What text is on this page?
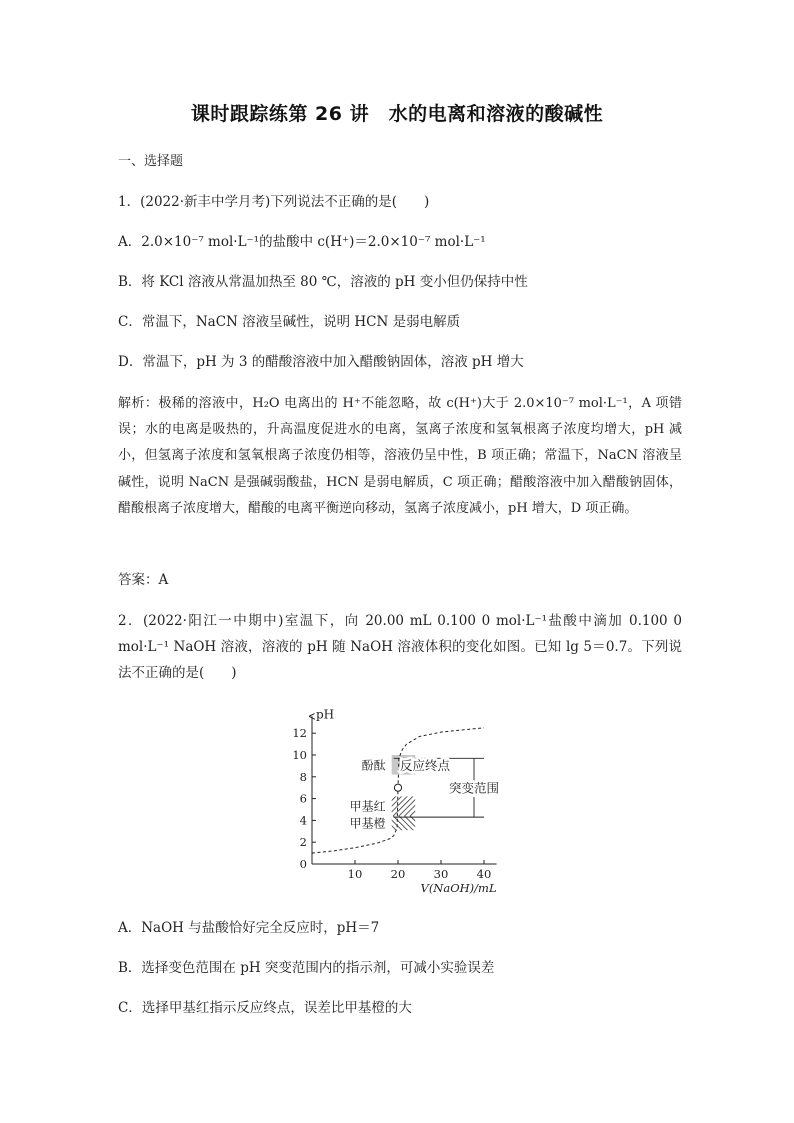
课时跟踪练第 26 讲　水的电离和溶液的酸碱性
一、选择题
1．(2022·新丰中学月考)下列说法不正确的是(　　)
A．2.0×10⁻⁷ mol·L⁻¹的盐酸中 c(H⁺)＝2.0×10⁻⁷ mol·L⁻¹
B．将 KCl 溶液从常温加热至 80 ℃，溶液的 pH 变小但仍保持中性
C．常温下，NaCN 溶液呈碱性，说明 HCN 是弱电解质
D．常温下，pH 为 3 的醋酸溶液中加入醋酸钠固体，溶液 pH 增大
解析：极稀的溶液中，H₂O 电离出的 H⁺不能忽略，故 c(H⁺)大于 2.0×10⁻⁷ mol·L⁻¹，A 项错误；水的电离是吸热的，升高温度促进水的电离，氢离子浓度和氢氧根离子浓度均增大，pH 减小，但氢离子浓度和氢氧根离子浓度仍相等，溶液仍呈中性，B 项正确；常温下，NaCN 溶液呈碱性，说明 NaCN 是强碱弱酸盐，HCN 是弱电解质，C 项正确；醋酸溶液中加入醋酸钠固体，醋酸根离子浓度增大，醋酸的电离平衡逆向移动，氢离子浓度减小，pH 增大，D 项正确。
答案：A
2．(2022·阳江一中期中)室温下，向 20.00 mL 0.100 0 mol·L⁻¹盐酸中滴加 0.100 0 mol·L⁻¹ NaOH 溶液，溶液的 pH 随 NaOH 溶液体积的变化如图。已知 lg 5＝0.7。下列说法不正确的是(　　)
0
2
4
6
8
10
12
10 20 30 40
酚酞
甲基红
甲基橙
突变范围
pH
V(NaOH)/mL
反应终点
A．NaOH 与盐酸恰好完全反应时，pH＝7
B．选择变色范围在 pH 突变范围内的指示剂，可减小实验误差
C．选择甲基红指示反应终点，误差比甲基橙的大
